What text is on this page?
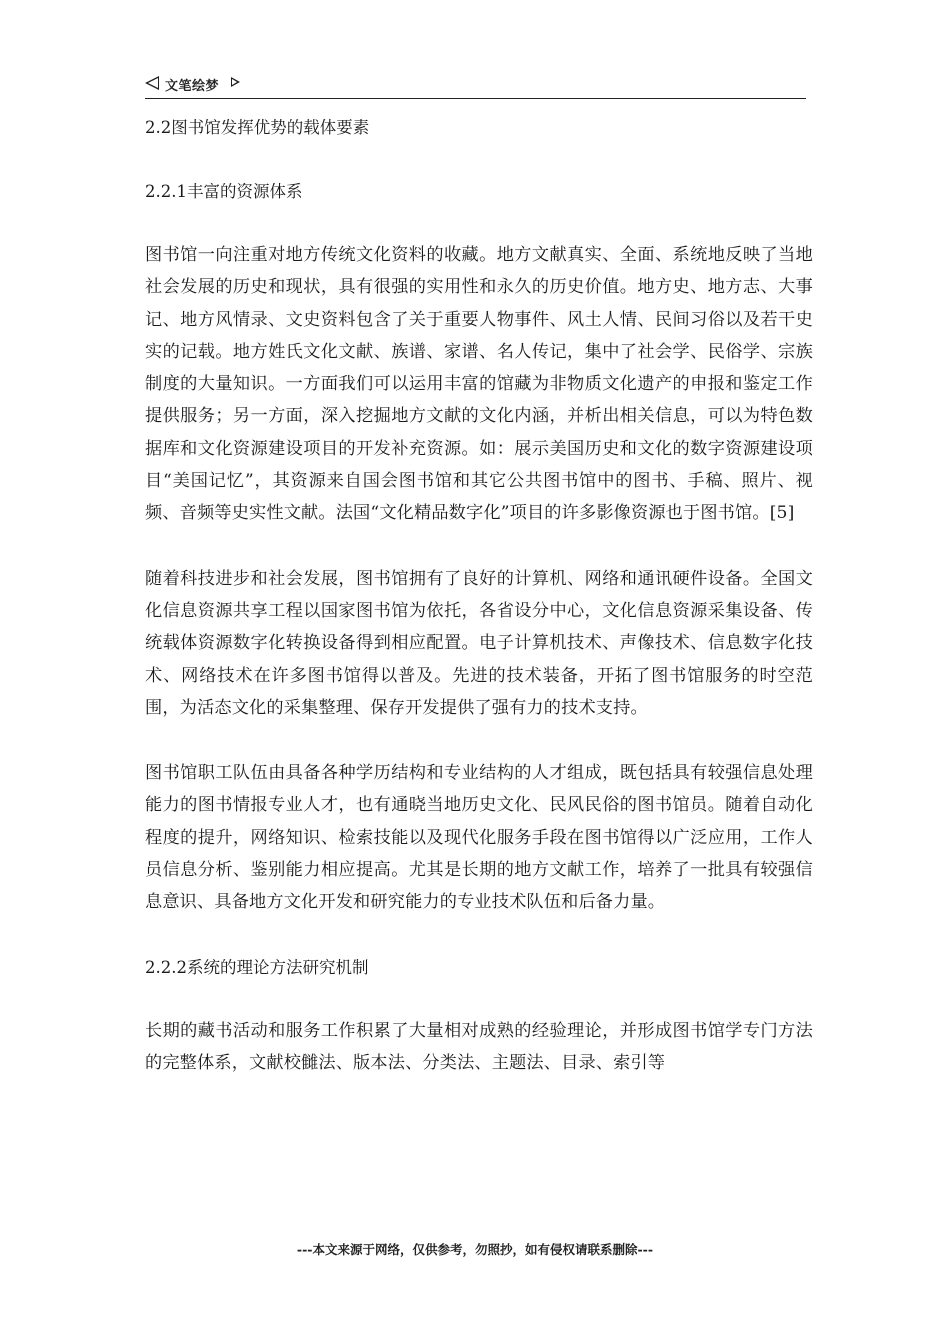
文笔绘梦
2.2图书馆发挥优势的载体要素
2.2.1丰富的资源体系

图书馆一向注重对地方传统文化资料的收藏。地方文献真实、全面、系统地反映了当地社会发展的历史和现状，具有很强的实用性和永久的历史价值。地方史、地方志、大事记、地方风情录、文史资料包含了关于重要人物事件、风土人情、民间习俗以及若干史实的记载。地方姓氏文化文献、族谱、家谱、名人传记，集中了社会学、民俗学、宗族制度的大量知识。一方面我们可以运用丰富的馆藏为非物质文化遗产的申报和鉴定工作提供服务；另一方面，深入挖掘地方文献的文化内涵，并析出相关信息，可以为特色数据库和文化资源建设项目的开发补充资源。如：展示美国历史和文化的数字资源建设项目“美国记忆”，其资源来自国会图书馆和其它公共图书馆中的图书、手稿、照片、视频、音频等史实性文献。法国“文化精品数字化”项目的许多影像资源也于图书馆。[5]

随着科技进步和社会发展，图书馆拥有了良好的计算机、网络和通讯硬件设备。全国文化信息资源共享工程以国家图书馆为依托，各省设分中心，文化信息资源采集设备、传统载体资源数字化转换设备得到相应配置。电子计算机技术、声像技术、信息数字化技术、网络技术在许多图书馆得以普及。先进的技术装备，开拓了图书馆服务的时空范围，为活态文化的采集整理、保存开发提供了强有力的技术支持。

图书馆职工队伍由具备各种学历结构和专业结构的人才组成，既包括具有较强信息处理能力的图书情报专业人才，也有通晓当地历史文化、民风民俗的图书馆员。随着自动化程度的提升，网络知识、检索技能以及现代化服务手段在图书馆得以广泛应用，工作人员信息分析、鉴别能力相应提高。尤其是长期的地方文献工作，培养了一批具有较强信息意识、具备地方文化开发和研究能力的专业技术队伍和后备力量。

2.2.2系统的理论方法研究机制

长期的藏书活动和服务工作积累了大量相对成熟的经验理论，并形成图书馆学专门方法的完整体系，文献校雠法、版本法、分类法、主题法、目录、索引等

---本文来源于网络，仅供参考，勿照抄，如有侵权请联系删除---
